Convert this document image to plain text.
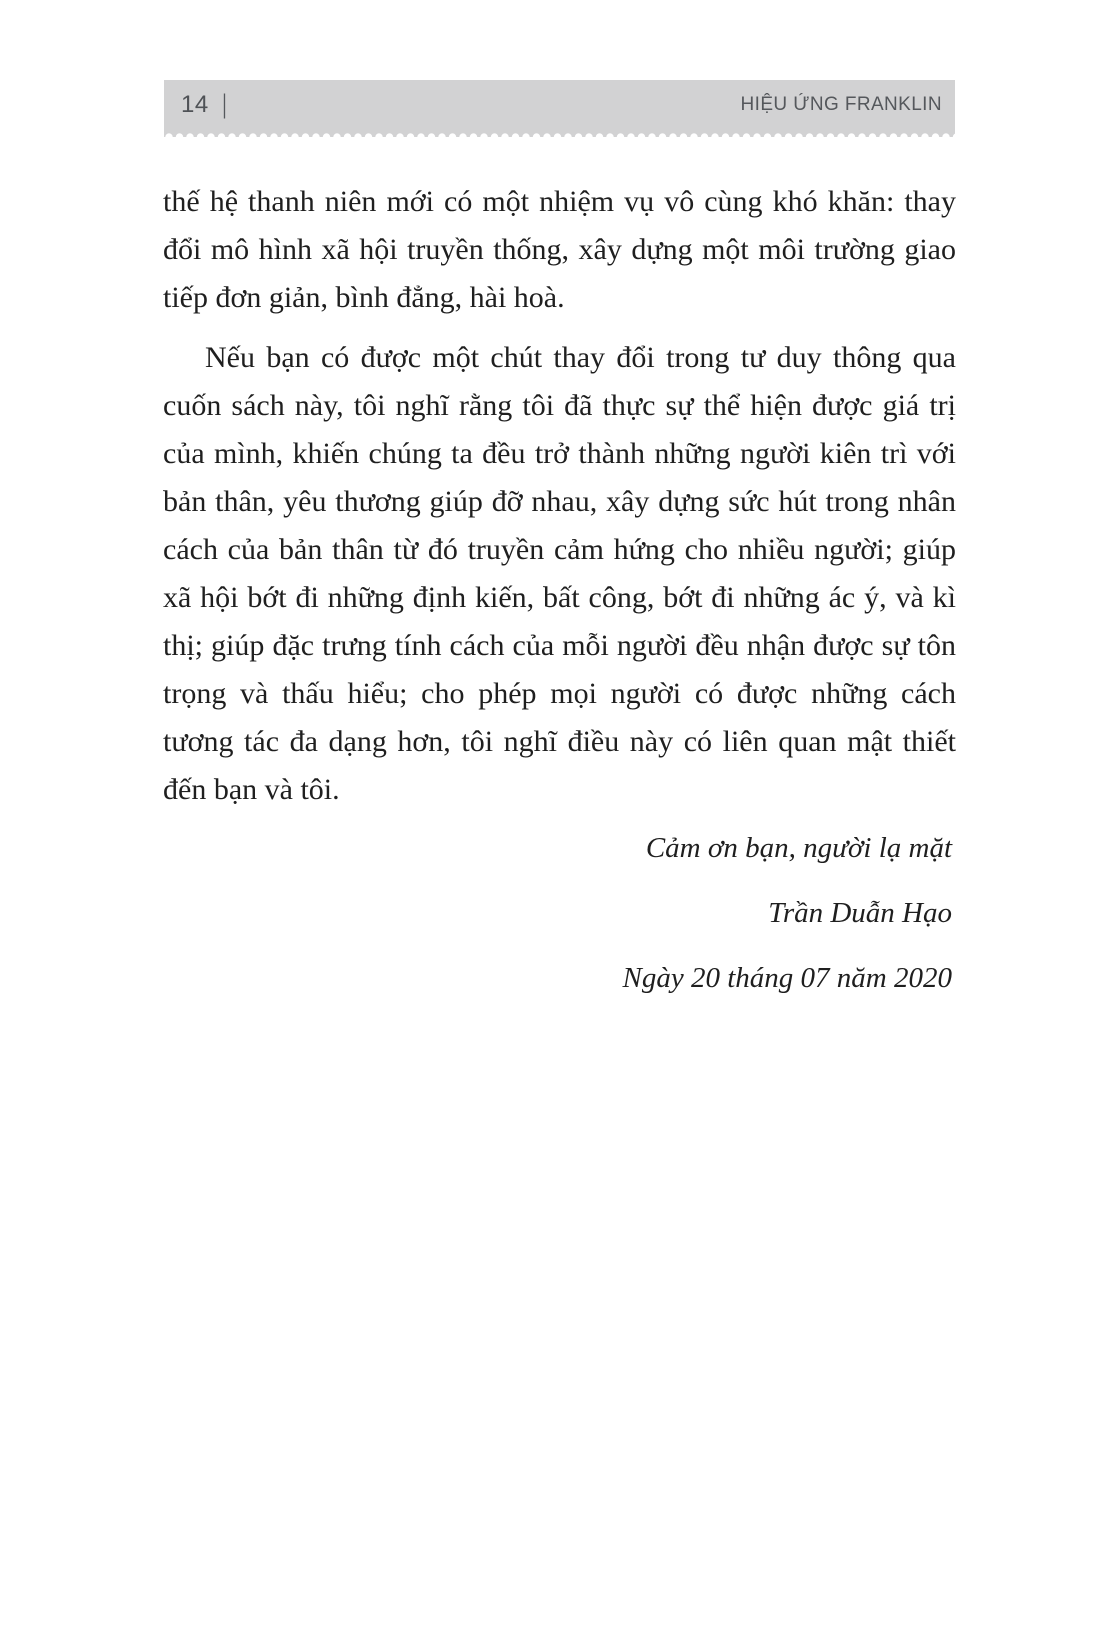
14 |	HIỆU ỨNG FRANKLIN

thế hệ thanh niên mới có một nhiệm vụ vô cùng khó khăn: thay đổi mô hình xã hội truyền thống, xây dựng một môi trường giao tiếp đơn giản, bình đẳng, hài hoà.

Nếu bạn có được một chút thay đổi trong tư duy thông qua cuốn sách này, tôi nghĩ rằng tôi đã thực sự thể hiện được giá trị của mình, khiến chúng ta đều trở thành những người kiên trì với bản thân, yêu thương giúp đỡ nhau, xây dựng sức hút trong nhân cách của bản thân từ đó truyền cảm hứng cho nhiều người; giúp xã hội bớt đi những định kiến, bất công, bớt đi những ác ý, và kì thị; giúp đặc trưng tính cách của mỗi người đều nhận được sự tôn trọng và thấu hiểu; cho phép mọi người có được những cách tương tác đa dạng hơn, tôi nghĩ điều này có liên quan mật thiết đến bạn và tôi.

Cảm ơn bạn, người lạ mặt

Trần Duẫn Hạo

Ngày 20 tháng 07 năm 2020
